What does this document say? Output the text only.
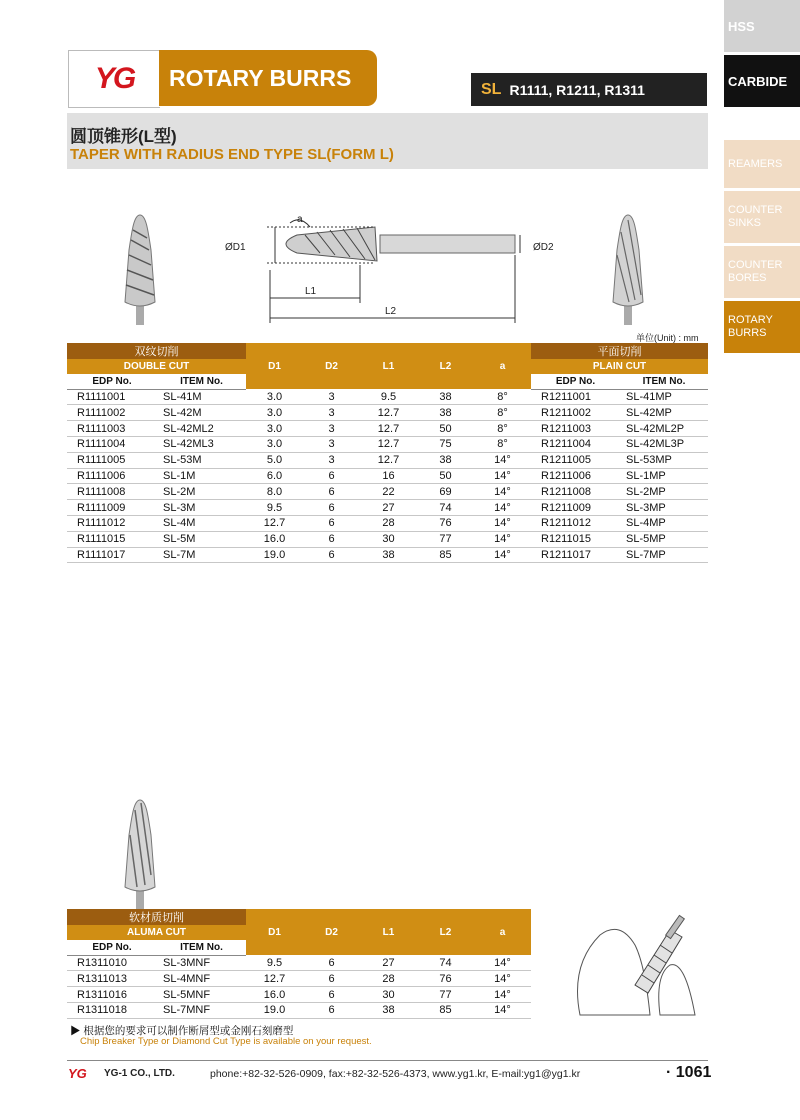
HSS
CARBIDE
REAMERS
COUNTER SINKS
COUNTER BORES
ROTARY BURRS
YG	ROTARY BURRS	SL R1111, R1211, R1311
圆顶锥形(L型)
TAPER WITH RADIUS END TYPE SL(FORM L)
a
ØD1	ØD2
L1
L2
单位(Unit) : mm
双纹切削		D1	D2	L1	L2	a	平面切削	
DOUBLE CUT							PLAIN CUT	
EDP No.	ITEM No.						EDP No.	ITEM No.
R1111001	SL-41M	3.0	3	9.5	38	8°	R1211001	SL-41MP
R1111002	SL-42M	3.0	3	12.7	38	8°	R1211002	SL-42MP
R1111003	SL-42ML2	3.0	3	12.7	50	8°	R1211003	SL-42ML2P
R1111004	SL-42ML3	3.0	3	12.7	75	8°	R1211004	SL-42ML3P
R1111005	SL-53M	5.0	3	12.7	38	14°	R1211005	SL-53MP
R1111006	SL-1M	6.0	6	16	50	14°	R1211006	SL-1MP
R1111008	SL-2M	8.0	6	22	69	14°	R1211008	SL-2MP
R1111009	SL-3M	9.5	6	27	74	14°	R1211009	SL-3MP
R1111012	SL-4M	12.7	6	28	76	14°	R1211012	SL-4MP
R1111015	SL-5M	16.0	6	30	77	14°	R1211015	SL-5MP
R1111017	SL-7M	19.0	6	38	85	14°	R1211017	SL-7MP
软材质切削		D1	D2	L1	L2	a
ALUMA CUT						
EDP No.	ITEM No.					
R1311010	SL-3MNF	9.5	6	27	74	14°
R1311013	SL-4MNF	12.7	6	28	76	14°
R1311016	SL-5MNF	16.0	6	30	77	14°
R1311018	SL-7MNF	19.0	6	38	85	14°
▶ 根据您的要求可以制作断屑型或金刚石刻磨型
Chip Breaker Type or Diamond Cut Type is available on your request.
YG YG-1 CO., LTD.	phone:+82-32-526-0909, fax:+82-32-526-4373, www.yg1.kr, E-mail:yg1@yg1.kr	· 1061
